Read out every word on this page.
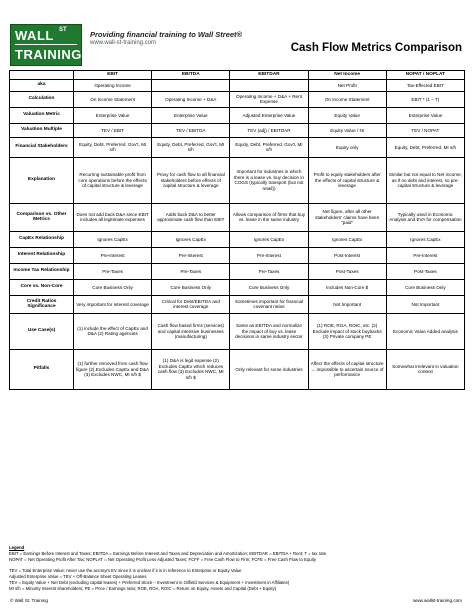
WALL ST
TRAINING
Providing financial training to Wall Street®
www.wall-st-training.com	Cash Flow Metrics Comparison
	EBIT	EBITDA	EBITDAR	Net Income	NOPAT / NOPLAT
aka	Operating Income			Net Profit	Tax-Effected EBIT
Calculation	On Income Statement	Operating Income + D&A	Operating Income + D&A + Rent Expense	On Income Statement	EBIT * (1 – T)
Valuation Metric	Enterprise Value	Enterprise Value	Adjusted Enterprise Value	Equity Value	Enterprise Value
Valuation Multiple	TEV / EBIT	TEV / EBITDA	TEV (adj) / EBITDAR	Equity Value / NI	TEV / NOPAT
Financial Stakeholders	Equity, Debt, Preferred, Gov't, MI s/h	Equity, Debt, Preferred, Gov't, MI s/h	Equity, Debt, Preferred, Gov't, MI s/h	Equity only	Equity, Debt, Preferred, MI s/h
Explanation	Recurring sustainable profit from core operations before the effects of capital structure & leverage	Proxy for cash flow to all financial stakeholders before effects of capital structure & leverage	Important for industries in which there is a lease vs. buy decision in COGS (typically transport (but not retail))	Profit to equity stakeholders after the effects of capital structure & leverage	Similar but not equal to Net Income; as if no debt and interest, so pre-capital structure & leverage
Comparison vs. Other Metrics	Does not add back D&A since EBIT includes all legitimate expenses	Adds back D&A to better approximate cash flow than EBIT	Allows comparison of firms that buy vs. lease in the same industry	Net figure, after all other stakeholders' claims have been "paid"	Typically used in Economic Analysis and EVA for compensation
CapEx Relationship	Ignores CapEx	Ignores CapEx	Ignores CapEx	Ignores CapEx	Ignores CapEx
Interest Relationship	Pre-Interest	Pre-Interest	Pre-Interest	Post-Interest	Pre-Interest
Income Tax Relationship	Pre-Taxes	Pre-Taxes	Pre-Taxes	Post-Taxes	Post-Taxes
Core vs. Non-Core	Core Business Only	Core Business Only	Core Business Only	Includes Non-Core $	Core Business Only
Credit Ratios Significance	Very important for interest coverage	Critical for Debt/EBITDA and interest coverage	Sometimes important for financial covenant ratios	Not Important	Not Important
Use Case(s)	(1) include the effect of CapEx and D&A (2) Rating agencies	Cash flow based firms (services) and capital intensive businesses (manufacturing)	Same as EBITDA and normalize the impact of buy vs. lease decisions in same industry sector	(1) ROE, ROA, ROIC, etc. (2) Exclude impact of stock buybacks (3) Private company PE	Economic Value Added analysis
Pitfalls	(1) further removed from cash flow figure (2) Excludes CapEx and D&A (3) Excludes NWC, MI s/h $	(1) D&A is legit expense (2) Excludes CapEx which reduces cash flow (3) Excludes NWC, MI s/h $	Only relevant for some industries	Affect the effects of capital structure → impossible to ascertain source of performance	Somewhat irrelevant in valuation context
Legend

EBIT = Earnings Before Interest and Taxes; EBITDA = Earnings Before Interest and Taxes and Depreciation and Amortization; EBITDAR = EBITDA + Rent; T = tax rate

NOPAT = Net Operating Profit After Tax; NOPLAT = Net Operating Profit Less Adjusted Taxes; FCFF = Free Cash Flow to Firm; FCFE = Free Cash Flow to Equity

TEV = Total Enterprise Value; never use the acronym EV since it is unclear if it is in reference to Enterprise or Equity Value

Adjusted Enterprise Value = TEV + Off-Balance Sheet Operating Leases

TEV = Equity Value + Net Debt (excluding capital leases) + Preferred Stock – Investment in Oilfield Services & Equipment + Investment in Affiliates)

MI s/h = Minority Interest shareholders; PE = Price / Earnings ratio; ROE, ROA, ROIC = Return on Equity, Assets and Capital (Debt + Equity)

© Wall St. Training	www.wallst-training.com
